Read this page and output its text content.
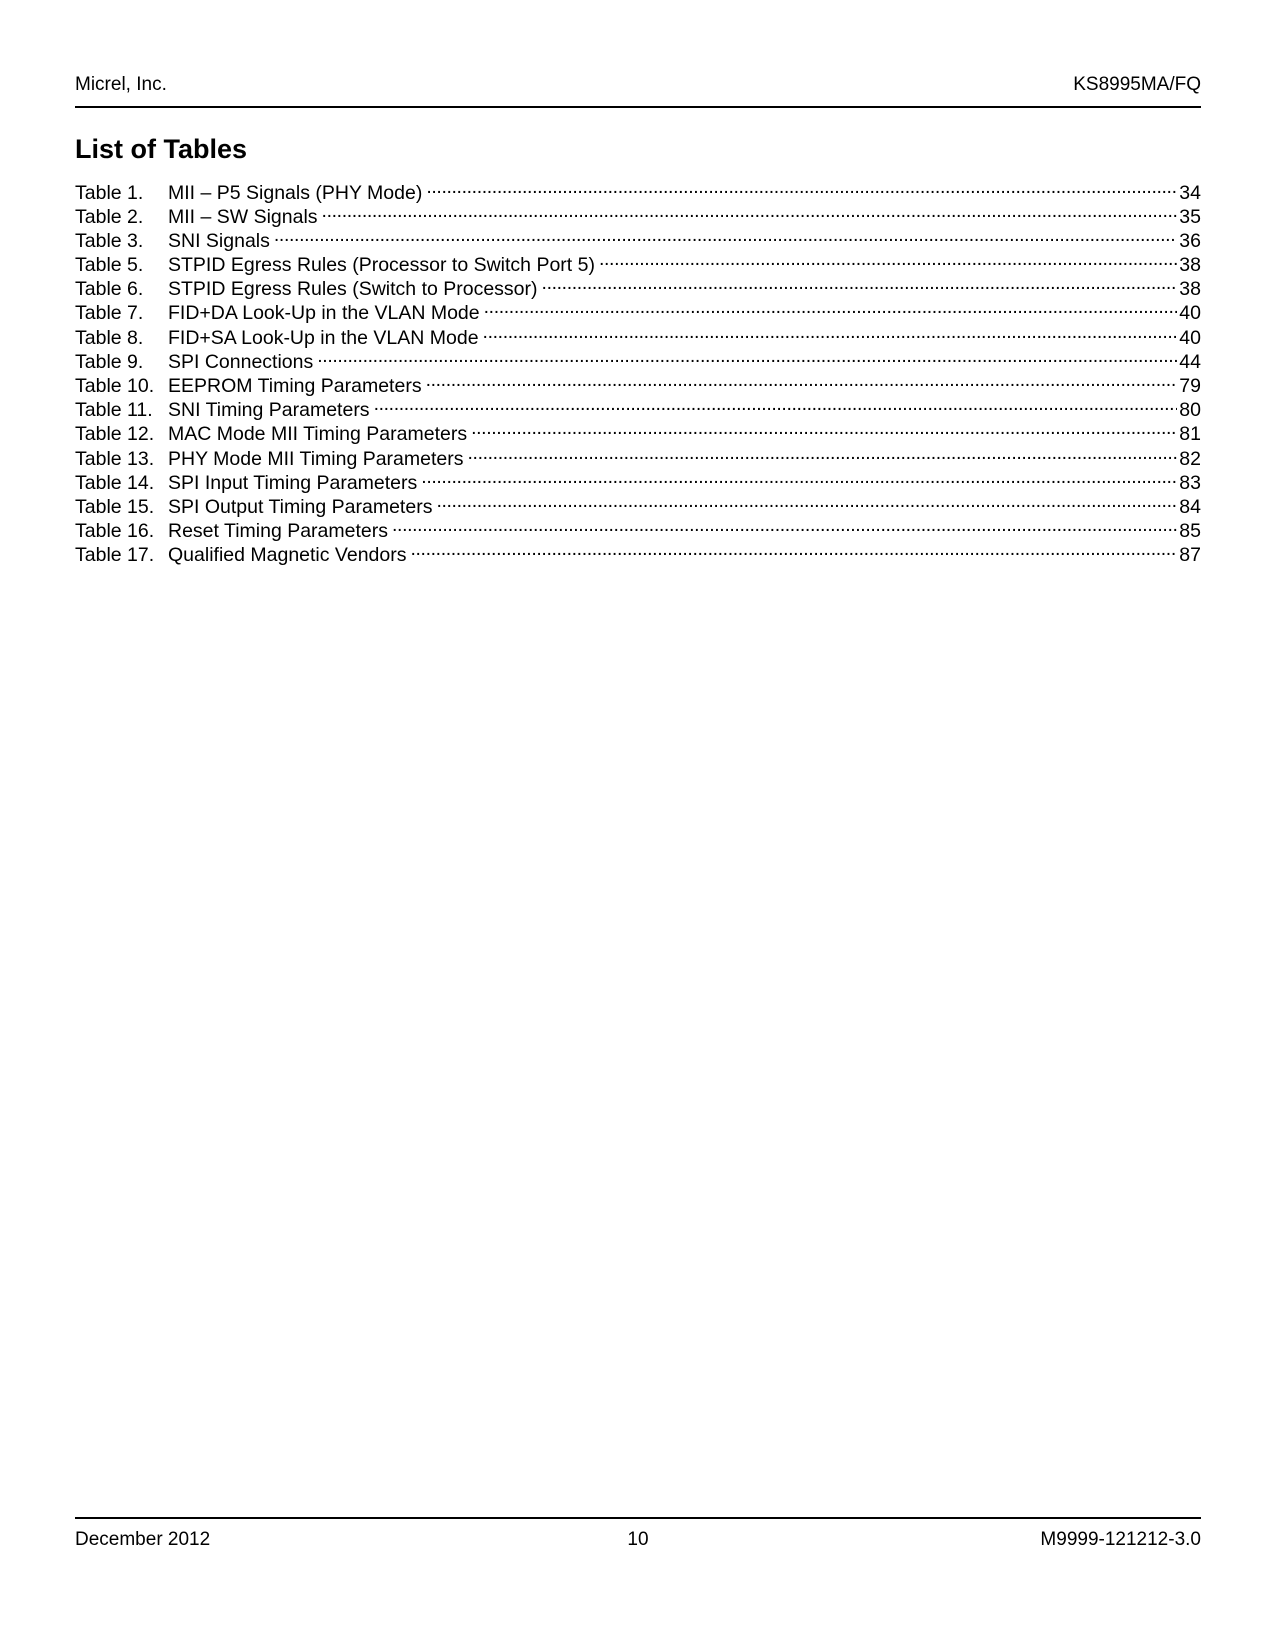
Micrel, Inc.	KS8995MA/FQ
List of Tables
Table 1.	MII – P5 Signals (PHY Mode) . . .	34
Table 2.	MII – SW Signals . . .	35
Table 3.	SNI Signals . . .	36
Table 5.	STPID Egress Rules (Processor to Switch Port 5) . . .	38
Table 6.	STPID Egress Rules (Switch to Processor) . . .	38
Table 7.	FID+DA Look-Up in the VLAN Mode . . .	40
Table 8.	FID+SA Look-Up in the VLAN Mode . . .	40
Table 9.	SPI Connections . . .	44
Table 10. EEPROM Timing Parameters . . .	79
Table 11. SNI Timing Parameters . . .	80
Table 12. MAC Mode MII Timing Parameters . . .	81
Table 13. PHY Mode MII Timing Parameters . . .	82
Table 14. SPI Input Timing Parameters . . .	83
Table 15. SPI Output Timing Parameters . . .	84
Table 16. Reset Timing Parameters . . .	85
Table 17. Qualified Magnetic Vendors . . .	87
December 2012	10	M9999-121212-3.0
